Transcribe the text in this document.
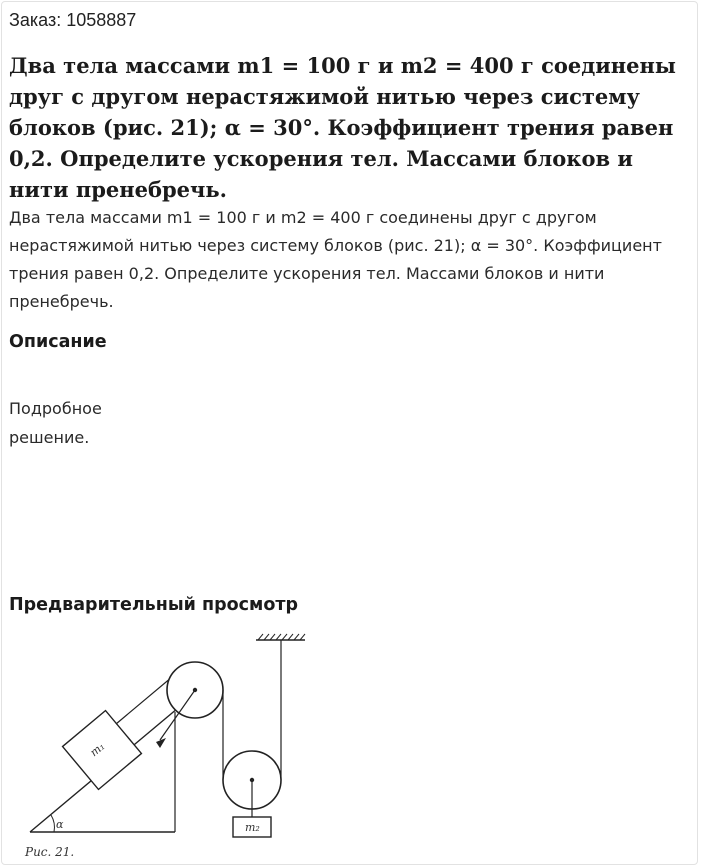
Заказ: 1058887
Два тела массами m1 = 100 г и m2 = 400 г соединены друг с другом нерастяжимой нитью через систему блоков (рис. 21); α = 30°. Коэффициент трения равен 0,2. Определите ускорения тел. Массами блоков и нити пренебречь.

Два тела массами m1 = 100 г и m2 = 400 г соединены друг с другом нерастяжимой нитью через систему блоков (рис. 21); α = 30°. Коэффициент трения равен 0,2. Определите ускорения тел. Массами блоков и нити пренебречь.

Описание

Подробное решение.

Предварительный просмотр
α
m₁
m₂
Рис. 21.
